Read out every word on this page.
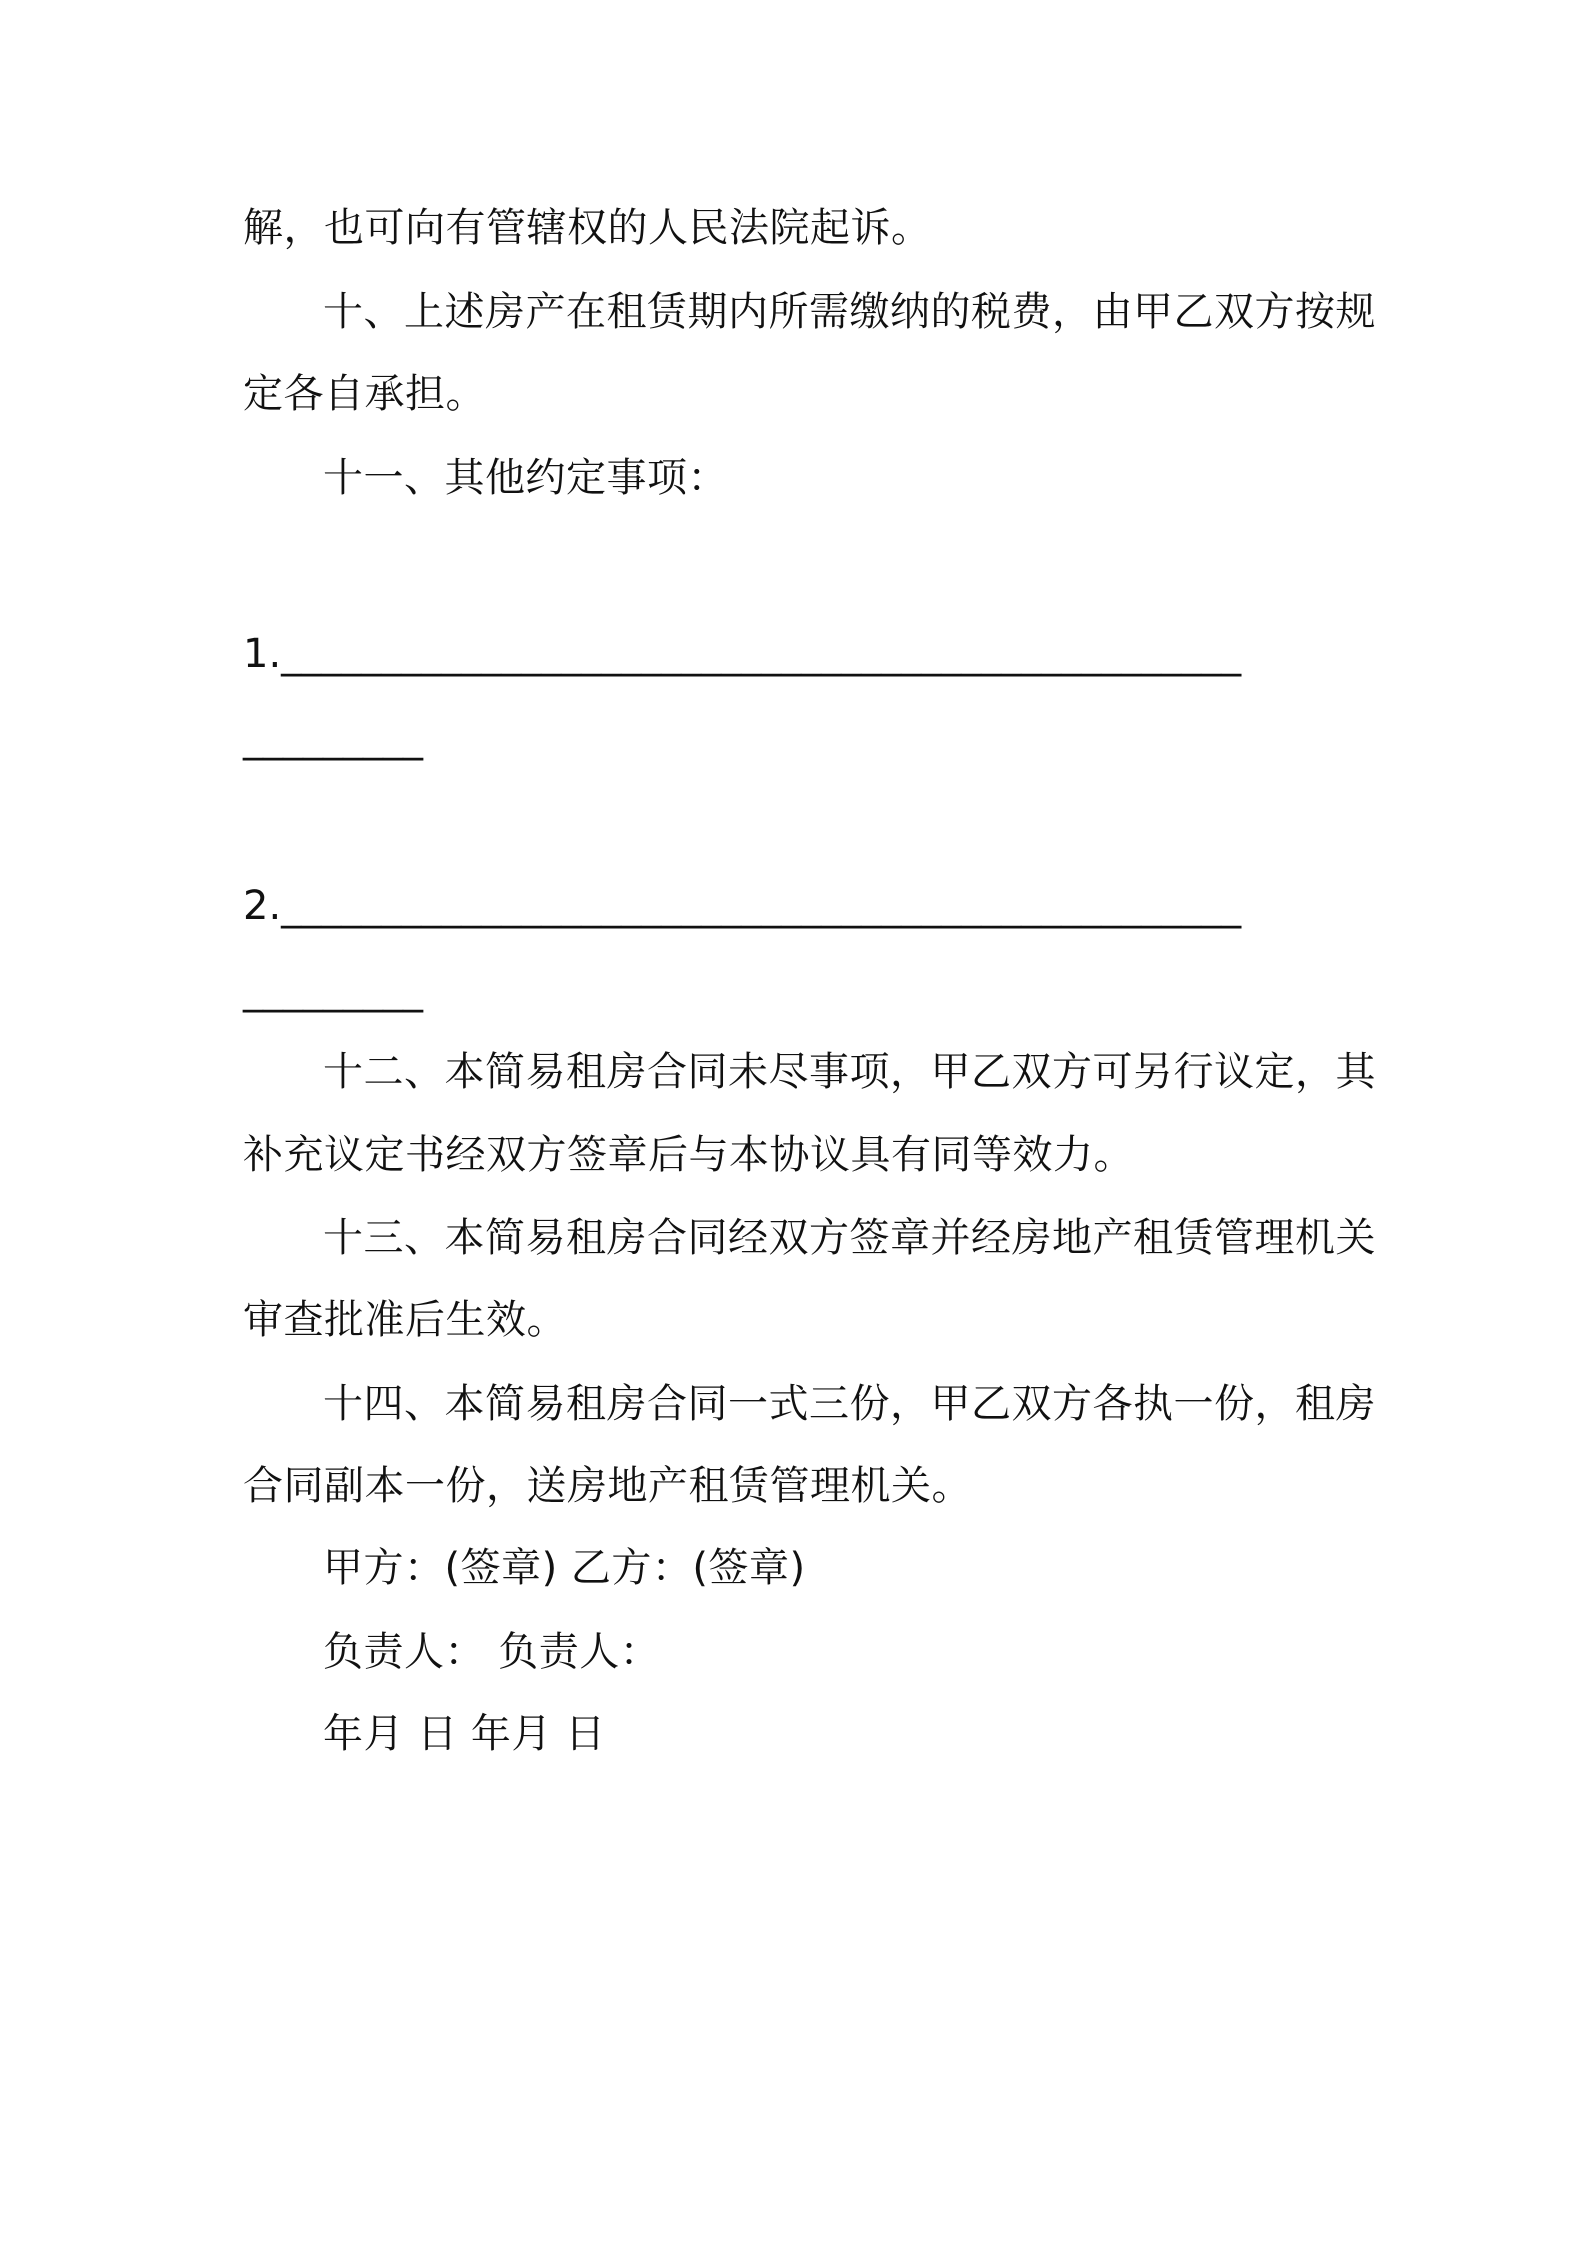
解，也可向有管辖权的人民法院起诉。
十、上述房产在租赁期内所需缴纳的税费，由甲乙双方按规
定各自承担。
十一、其他约定事项：
1.________________________________________________
_________
2.________________________________________________
_________
十二、本简易租房合同未尽事项，甲乙双方可另行议定，其
补充议定书经双方签章后与本协议具有同等效力。
十三、本简易租房合同经双方签章并经房地产租赁管理机关
审查批准后生效。
十四、本简易租房合同一式三份，甲乙双方各执一份，租房
合同副本一份，送房地产租赁管理机关。
甲方：(签章) 乙方：(签章)
负责人： 负责人：
年月 日 年月 日
